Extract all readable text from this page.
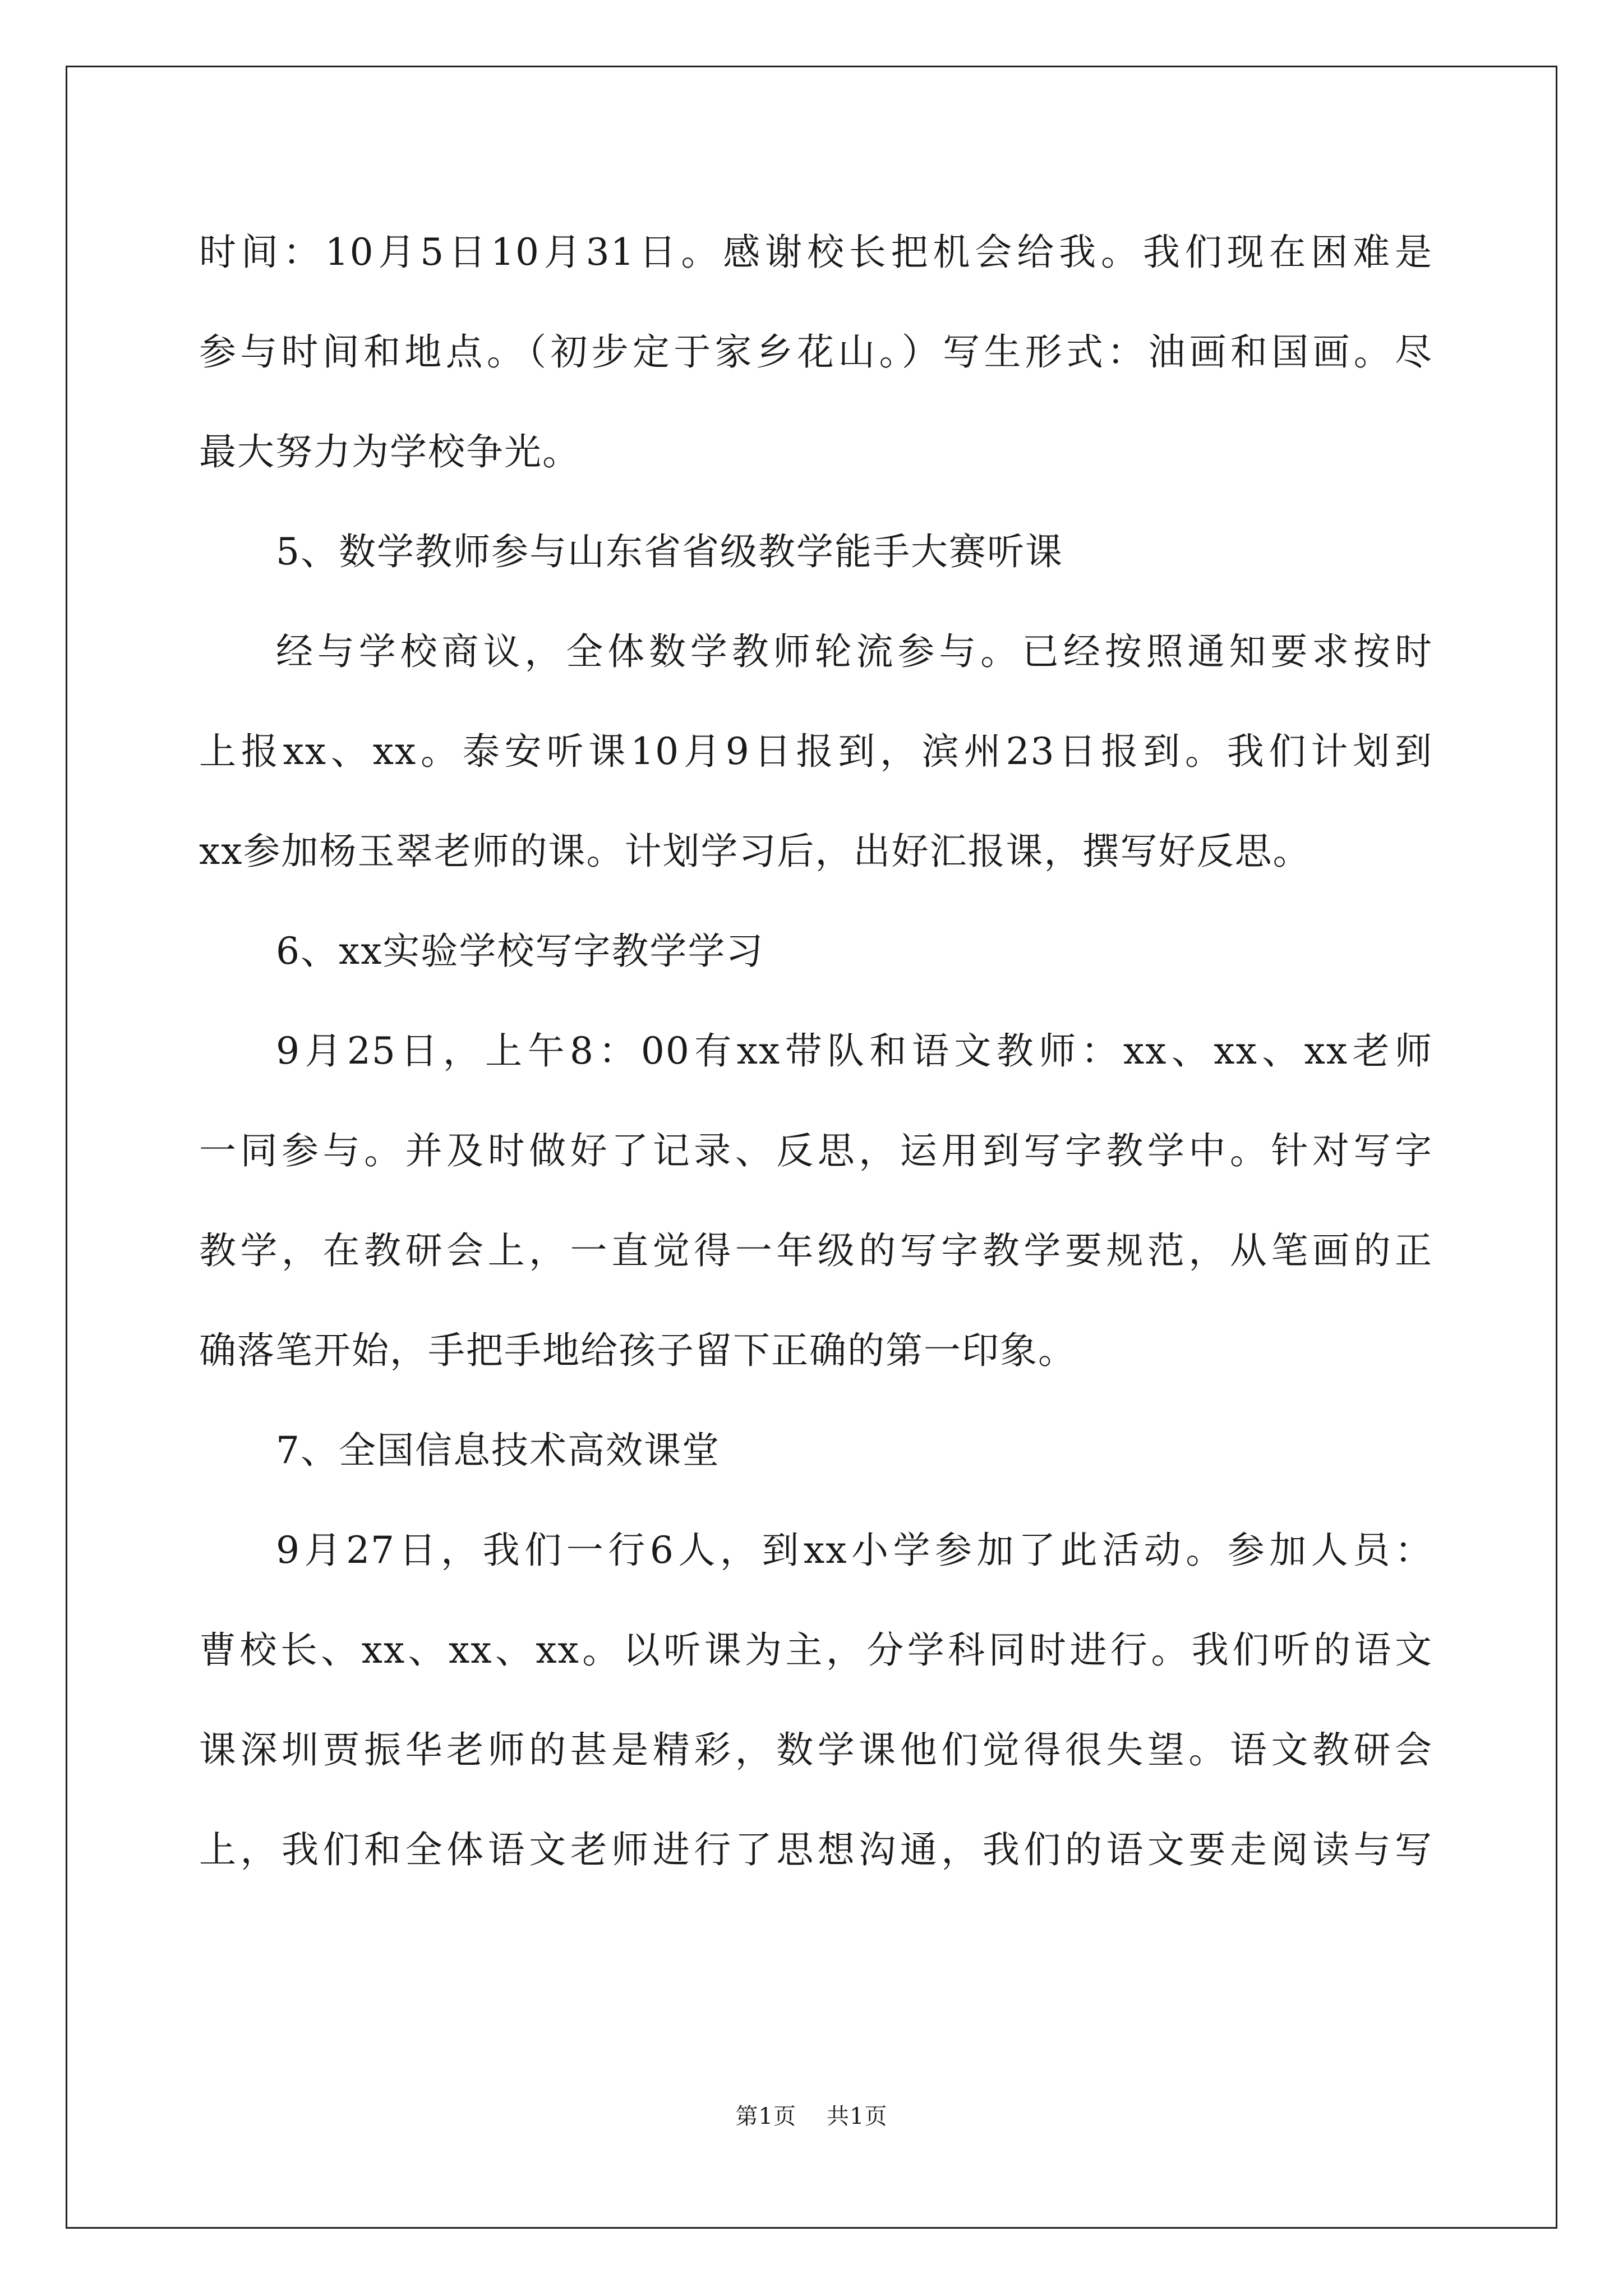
时间：10月5日10月31日。感谢校长把机会给我。我们现在困难是
参与时间和地点。（初步定于家乡花山。）写生形式：油画和国画。尽
最大努力为学校争光。
5、数学教师参与山东省省级教学能手大赛听课
经与学校商议，全体数学教师轮流参与。已经按照通知要求按时
上报xx、xx。泰安听课10月9日报到，滨州23日报到。我们计划到
xx参加杨玉翠老师的课。计划学习后，出好汇报课，撰写好反思。
6、xx实验学校写字教学学习
9月25日，上午8：00有xx带队和语文教师：xx、xx、xx老师
一同参与。并及时做好了记录、反思，运用到写字教学中。针对写字
教学，在教研会上，一直觉得一年级的写字教学要规范，从笔画的正
确落笔开始，手把手地给孩子留下正确的第一印象。
7、全国信息技术高效课堂
9月27日，我们一行6人，到xx小学参加了此活动。参加人员：
曹校长、xx、xx、xx。以听课为主，分学科同时进行。我们听的语文
课深圳贾振华老师的甚是精彩，数学课他们觉得很失望。语文教研会
上，我们和全体语文老师进行了思想沟通，我们的语文要走阅读与写
第1页 共1页
